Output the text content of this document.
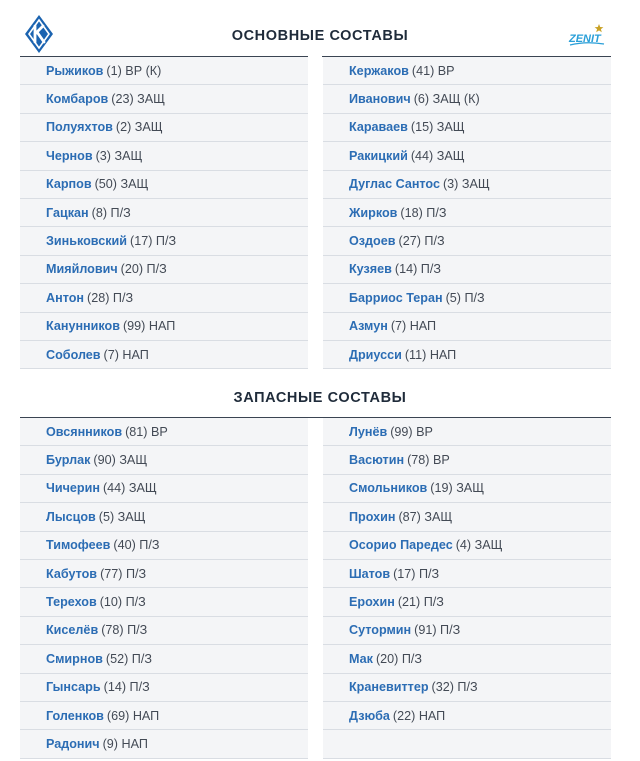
ОСНОВНЫЕ СОСТАВЫ	ZENIT
Рыжиков (1) ВР (К)
Комбаров (23) ЗАЩ
Полуяхтов (2) ЗАЩ
Чернов (3) ЗАЩ
Карпов (50) ЗАЩ
Гацкан (8) П/З
Зиньковский (17) П/З
Мияйлович (20) П/З
Антон (28) П/З
Канунников (99) НАП
Соболев (7) НАП
Кержаков (41) ВР
Иванович (6) ЗАЩ (К)
Караваев (15) ЗАЩ
Ракицкий (44) ЗАЩ
Дуглас Сантос (3) ЗАЩ
Жирков (18) П/З
Оздоев (27) П/З
Кузяев (14) П/З
Барриос Теран (5) П/З
Азмун (7) НАП
Дриусси (11) НАП
ЗАПАСНЫЕ СОСТАВЫ
Овсянников (81) ВР
Бурлак (90) ЗАЩ
Чичерин (44) ЗАЩ
Лысцов (5) ЗАЩ
Тимофеев (40) П/З
Кабутов (77) П/З
Терехов (10) П/З
Киселёв (78) П/З
Смирнов (52) П/З
Гынсарь (14) П/З
Голенков (69) НАП
Радонич (9) НАП
Лунёв (99) ВР
Васютин (78) ВР
Смольников (19) ЗАЩ
Прохин (87) ЗАЩ
Осорио Паредес (4) ЗАЩ
Шатов (17) П/З
Ерохин (21) П/З
Сутормин (91) П/З
Мак (20) П/З
Краневиттер (32) П/З
Дзюба (22) НАП
